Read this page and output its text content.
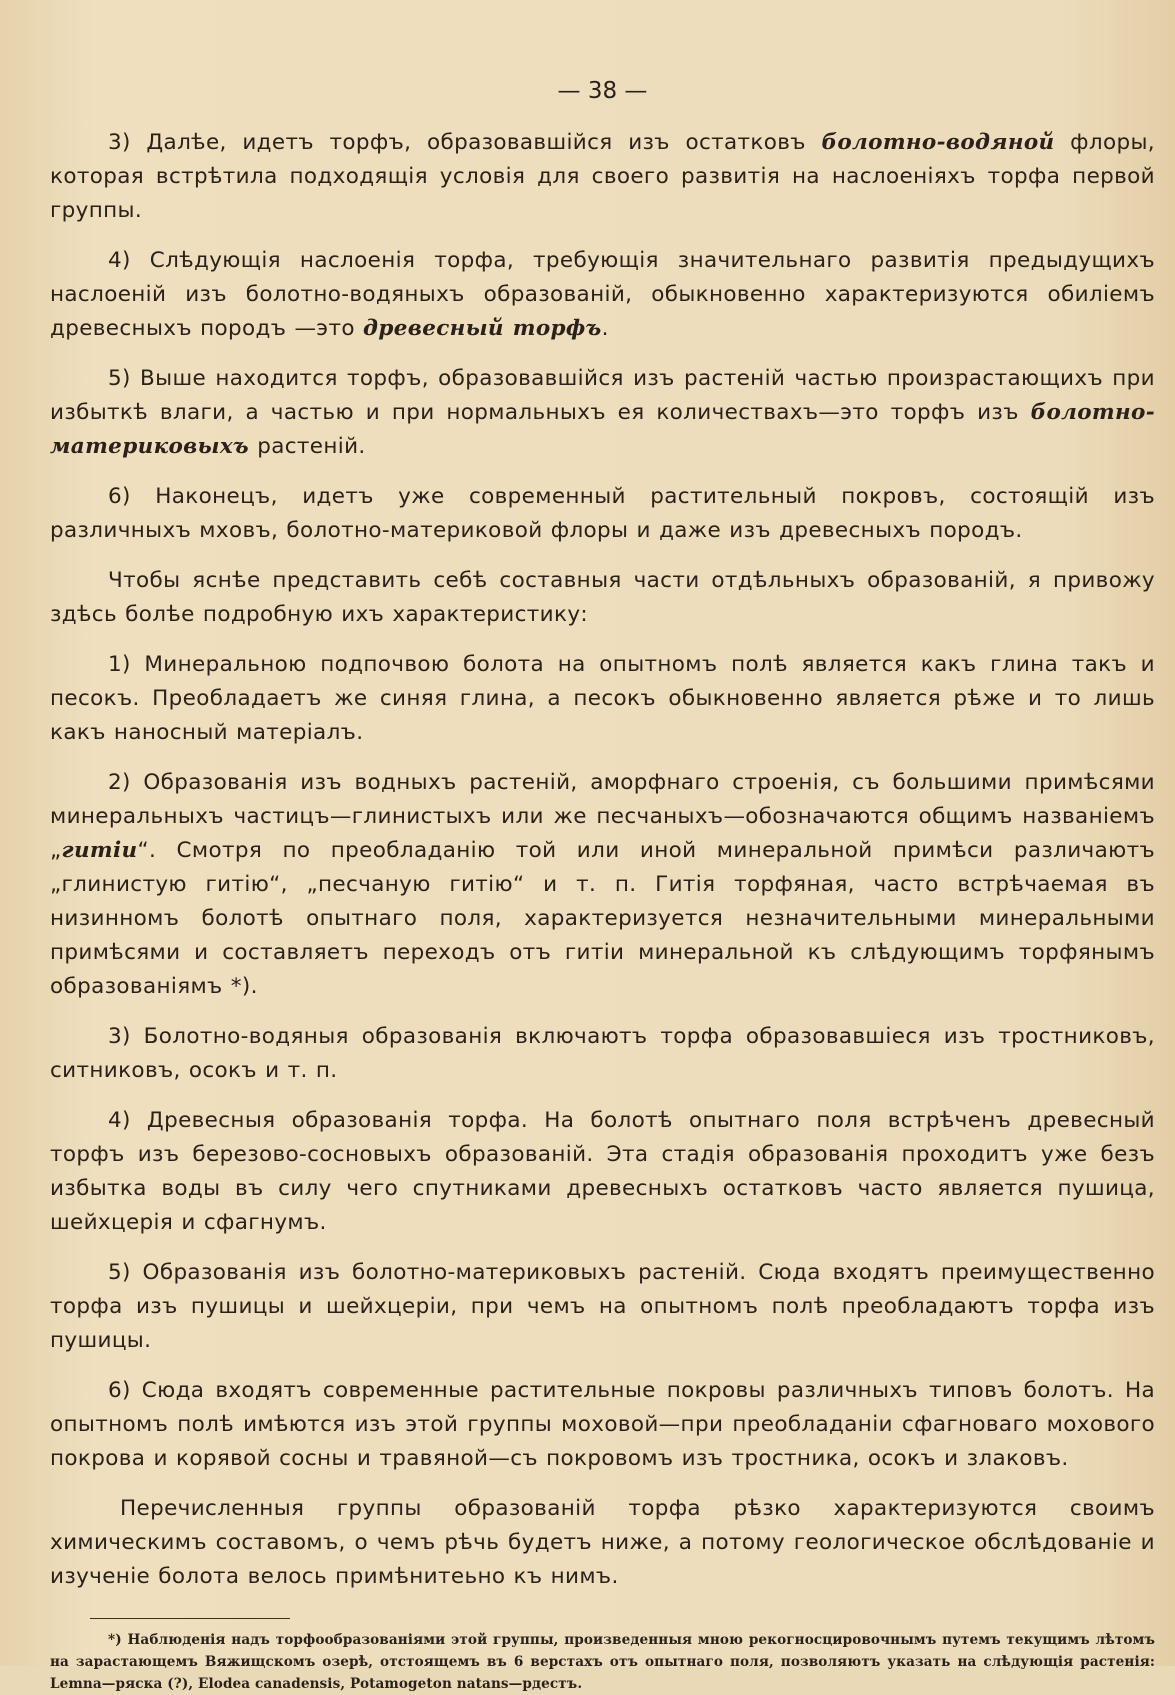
— 38 —

3) Далѣе, идетъ торфъ, образовавшійся изъ остатковъ болотно-водяной флоры, которая встрѣтила подходящія условія для своего развитія на наслоеніяхъ торфа первой группы.

4) Слѣдующія наслоенія торфа, требующія значительнаго развитія предыдущихъ наслоеній изъ болотно-водяныхъ образованій, обыкновенно характеризуются обиліемъ древесныхъ породъ —это древесный торфъ.

5) Выше находится торфъ, образовавшійся изъ растеній частью произрастающихъ при избыткѣ влаги, а частью и при нормальныхъ ея количествахъ—это торфъ изъ болотно-материковыхъ растеній.

6) Наконецъ, идетъ уже современный растительный покровъ, состоящій изъ различныхъ мховъ, болотно-материковой флоры и даже изъ древесныхъ породъ.

Чтобы яснѣе представить себѣ составныя части отдѣльныхъ образованій, я привожу здѣсь болѣе подробную ихъ характеристику:

1) Минеральною подпочвою болота на опытномъ полѣ является какъ глина такъ и песокъ. Преобладаетъ же синяя глина, а песокъ обыкновенно является рѣже и то лишь какъ наносный матеріалъ.

2) Образованія изъ водныхъ растеній, аморфнаго строенія, съ большими примѣсями минеральныхъ частицъ—глинистыхъ или же песчаныхъ—обозначаются общимъ названіемъ „гитіи“. Смотря по преобладанію той или иной минеральной примѣси различаютъ „глинистую гитію“, „песчаную гитію“ и т. п. Гитія торфяная, часто встрѣчаемая въ низинномъ болотѣ опытнаго поля, характеризуется незначительными минеральными примѣсями и составляетъ переходъ отъ гитіи минеральной къ слѣдующимъ торфянымъ образованіямъ *).

3) Болотно-водяныя образованія включаютъ торфа образовавшіеся изъ тростниковъ, ситниковъ, осокъ и т. п.

4) Древесныя образованія торфа. На болотѣ опытнаго поля встрѣченъ древесный торфъ изъ березово-сосновыхъ образованій. Эта стадія образованія проходитъ уже безъ избытка воды въ силу чего спутниками древесныхъ остатковъ часто является пушица, шейхцерія и сфагнумъ.

5) Образованія изъ болотно-материковыхъ растеній. Сюда входятъ преимущественно торфа изъ пушицы и шейхцеріи, при чемъ на опытномъ полѣ преобладаютъ торфа изъ пушицы.

6) Сюда входятъ современные растительные покровы различныхъ типовъ болотъ. На опытномъ полѣ имѣются изъ этой группы моховой—при преобладаніи сфагноваго мохового покрова и корявой сосны и травяной—съ покровомъ изъ тростника, осокъ и злаковъ.

Перечисленныя группы образованій торфа рѣзко характеризуются своимъ химическимъ составомъ, о чемъ рѣчь будетъ ниже, а потому геологическое обслѣдованіе и изученіе болота велось примѣнитеьно къ нимъ.

*) Наблюденія надъ торфообразованіями этой группы, произведенныя мною рекогносцировочнымъ путемъ текущимъ лѣтомъ на зарастающемъ Вяжищскомъ озерѣ, отстоящемъ въ 6 верстахъ отъ опытнаго поля, позволяютъ указать на слѣдующія растенія: Lemna—ряска (?), Elodea canadensis, Potamogeton natans—рдестъ.
